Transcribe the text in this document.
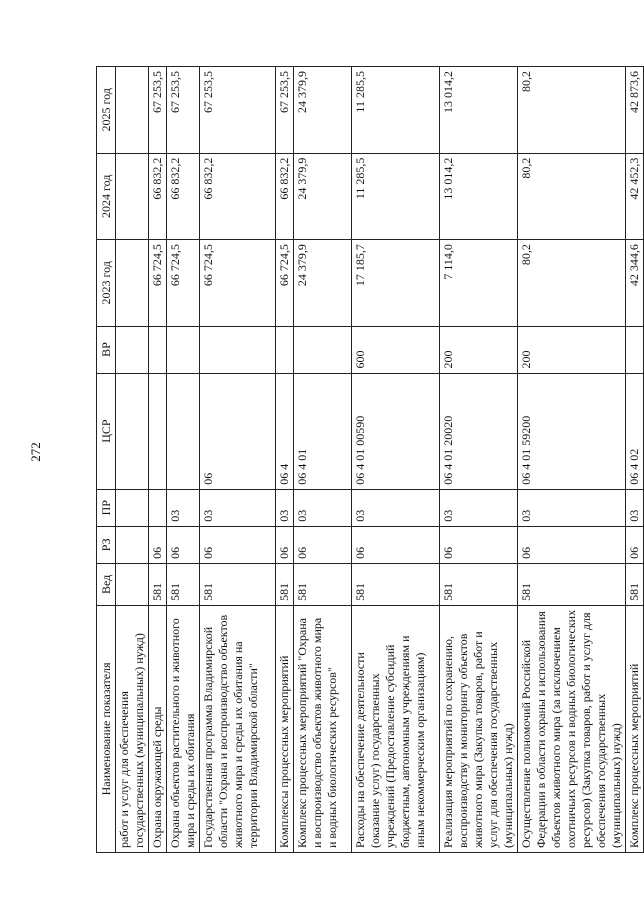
272
Наименование показателя	Вед	РЗ	ПР	ЦСР	ВР	2023 год	2024 год	2025 год
работ и услуг для обеспечения государственных (муниципальных) нужд)								
Охрана окружающей среды	581	06				66 724,5	66 832,2	67 253,5
Охрана объектов растительного и животного мира и среды их обитания	581	06	03			66 724,5	66 832,2	67 253,5
Государственная программа Владимирской области "Охрана и воспроизводство объектов животного мира и среды их обитания на территории Владимирской области"	581	06	03	06		66 724,5	66 832,2	67 253,5
Комплексы процессных мероприятий	581	06	03	06 4		66 724,5	66 832,2	67 253,5
Комплекс процессных мероприятий "Охрана и воспроизводство объектов животного мира и водных биологических ресурсов"	581	06	03	06 4 01		24 379,9	24 379,9	24 379,9
Расходы на обеспечение деятельности (оказание услуг) государственных учреждений (Предоставление субсидий бюджетным, автономным учреждениям и иным некоммерческим организациям)	581	06	03	06 4 01 00590	600	17 185,7	11 285,5	11 285,5
Реализация мероприятий по сохранению, воспроизводству и мониторингу объектов животного мира (Закупка товаров, работ и услуг для обеспечения государственных (муниципальных) нужд)	581	06	03	06 4 01 20020	200	7 114,0	13 014,2	13 014,2
Осуществление полномочий Российской Федерации в области охраны и использования объектов животного мира (за исключением охотничьих ресурсов и водных биологических ресурсов) (Закупка товаров, работ и услуг для обеспечения государственных (муниципальных) нужд)	581	06	03	06 4 01 59200	200	80,2	80,2	80,2
Комплекс процессных мероприятий	581	06	03	06 4 02		42 344,6	42 452,3	42 873,6
